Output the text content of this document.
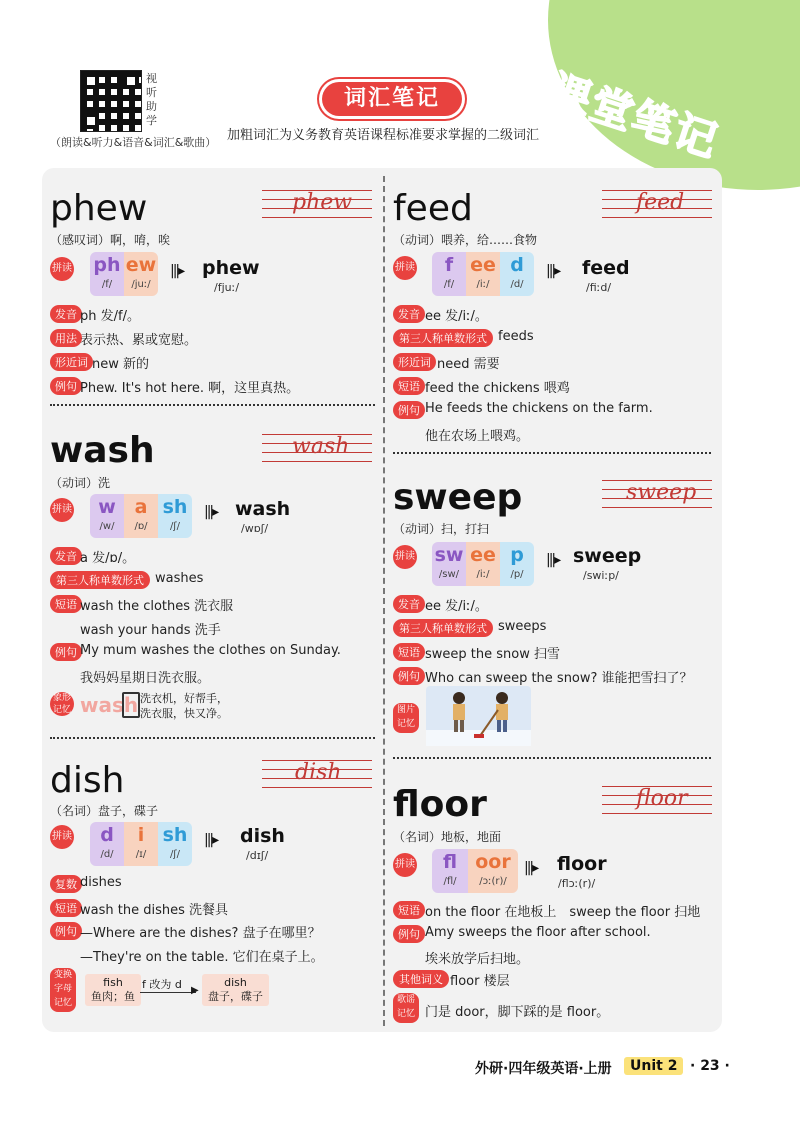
课堂笔记
视听助学
（朗读&听力&语音&词汇&歌曲）
词汇笔记
加粗词汇为义务教育英语课程标准要求掌握的二级词汇
phew	phew
（感叹词）啊，唷，唉
拼读 ph
/f/
ew
/juː/
|||▸ phew
/fjuː/
发音 ph 发/f/。
用法 表示热、累或宽慰。
形近词 new 新的
例句 Phew. It's hot here. 啊，这里真热。
wash	wash
（动词）洗
拼读	w
/w/
a
/ɒ/
sh
/ʃ/
|||▸ wash
/wɒʃ/
发音 a 发/ɒ/。
第三人称单数形式 washes
短语 wash the clothes 洗衣服
wash your hands 洗手
例句 My mum washes the clothes on Sunday.
我妈妈星期日洗衣服。
象形记忆 wash 洗衣机，好帮手，
洗衣服，快又净。
dish	dish
（名词）盘子，碟子
拼读	d
/d/
i
/ɪ/
sh
/ʃ/
|||▸ dish
/dɪʃ/
复数 dishes
短语 wash the dishes 洗餐具
例句 —Where are the dishes? 盘子在哪里？
—They're on the table. 它们在桌子上。
变换字母记忆
fish
鱼肉；鱼
f 改为 d ▶
dish
盘子，碟子
feed	feed
（动词）喂养，给……食物
拼读	f
/f/
ee
/iː/
d
/d/
|||▸ feed
/fiːd/
发音 ee 发/iː/。
第三人称单数形式 feeds
形近词 need 需要
短语 feed the chickens 喂鸡
例句 He feeds the chickens on the farm.
他在农场上喂鸡。
sweep	sweep
（动词）扫，打扫
拼读 sw
/sw/
ee
/iː/
p
/p/
|||▸ sweep
/swiːp/
发音 ee 发/iː/。
第三人称单数形式 sweeps
短语 sweep the snow 扫雪
例句 Who can sweep the snow? 谁能把雪扫了？
图片记忆
floor	floor
（名词）地板，地面
拼读	fl
/fl/
oor
/ɔː(r)/
|||▸ floor
/flɔː(r)/
短语 on the floor 在地板上　sweep the floor 扫地
例句 Amy sweeps the floor after school.
埃米放学后扫地。
其他词义 floor 楼层
歌谣记忆 门是 door，脚下踩的是 floor。
外研·四年级英语·上册	Unit 2 · 23 ·
